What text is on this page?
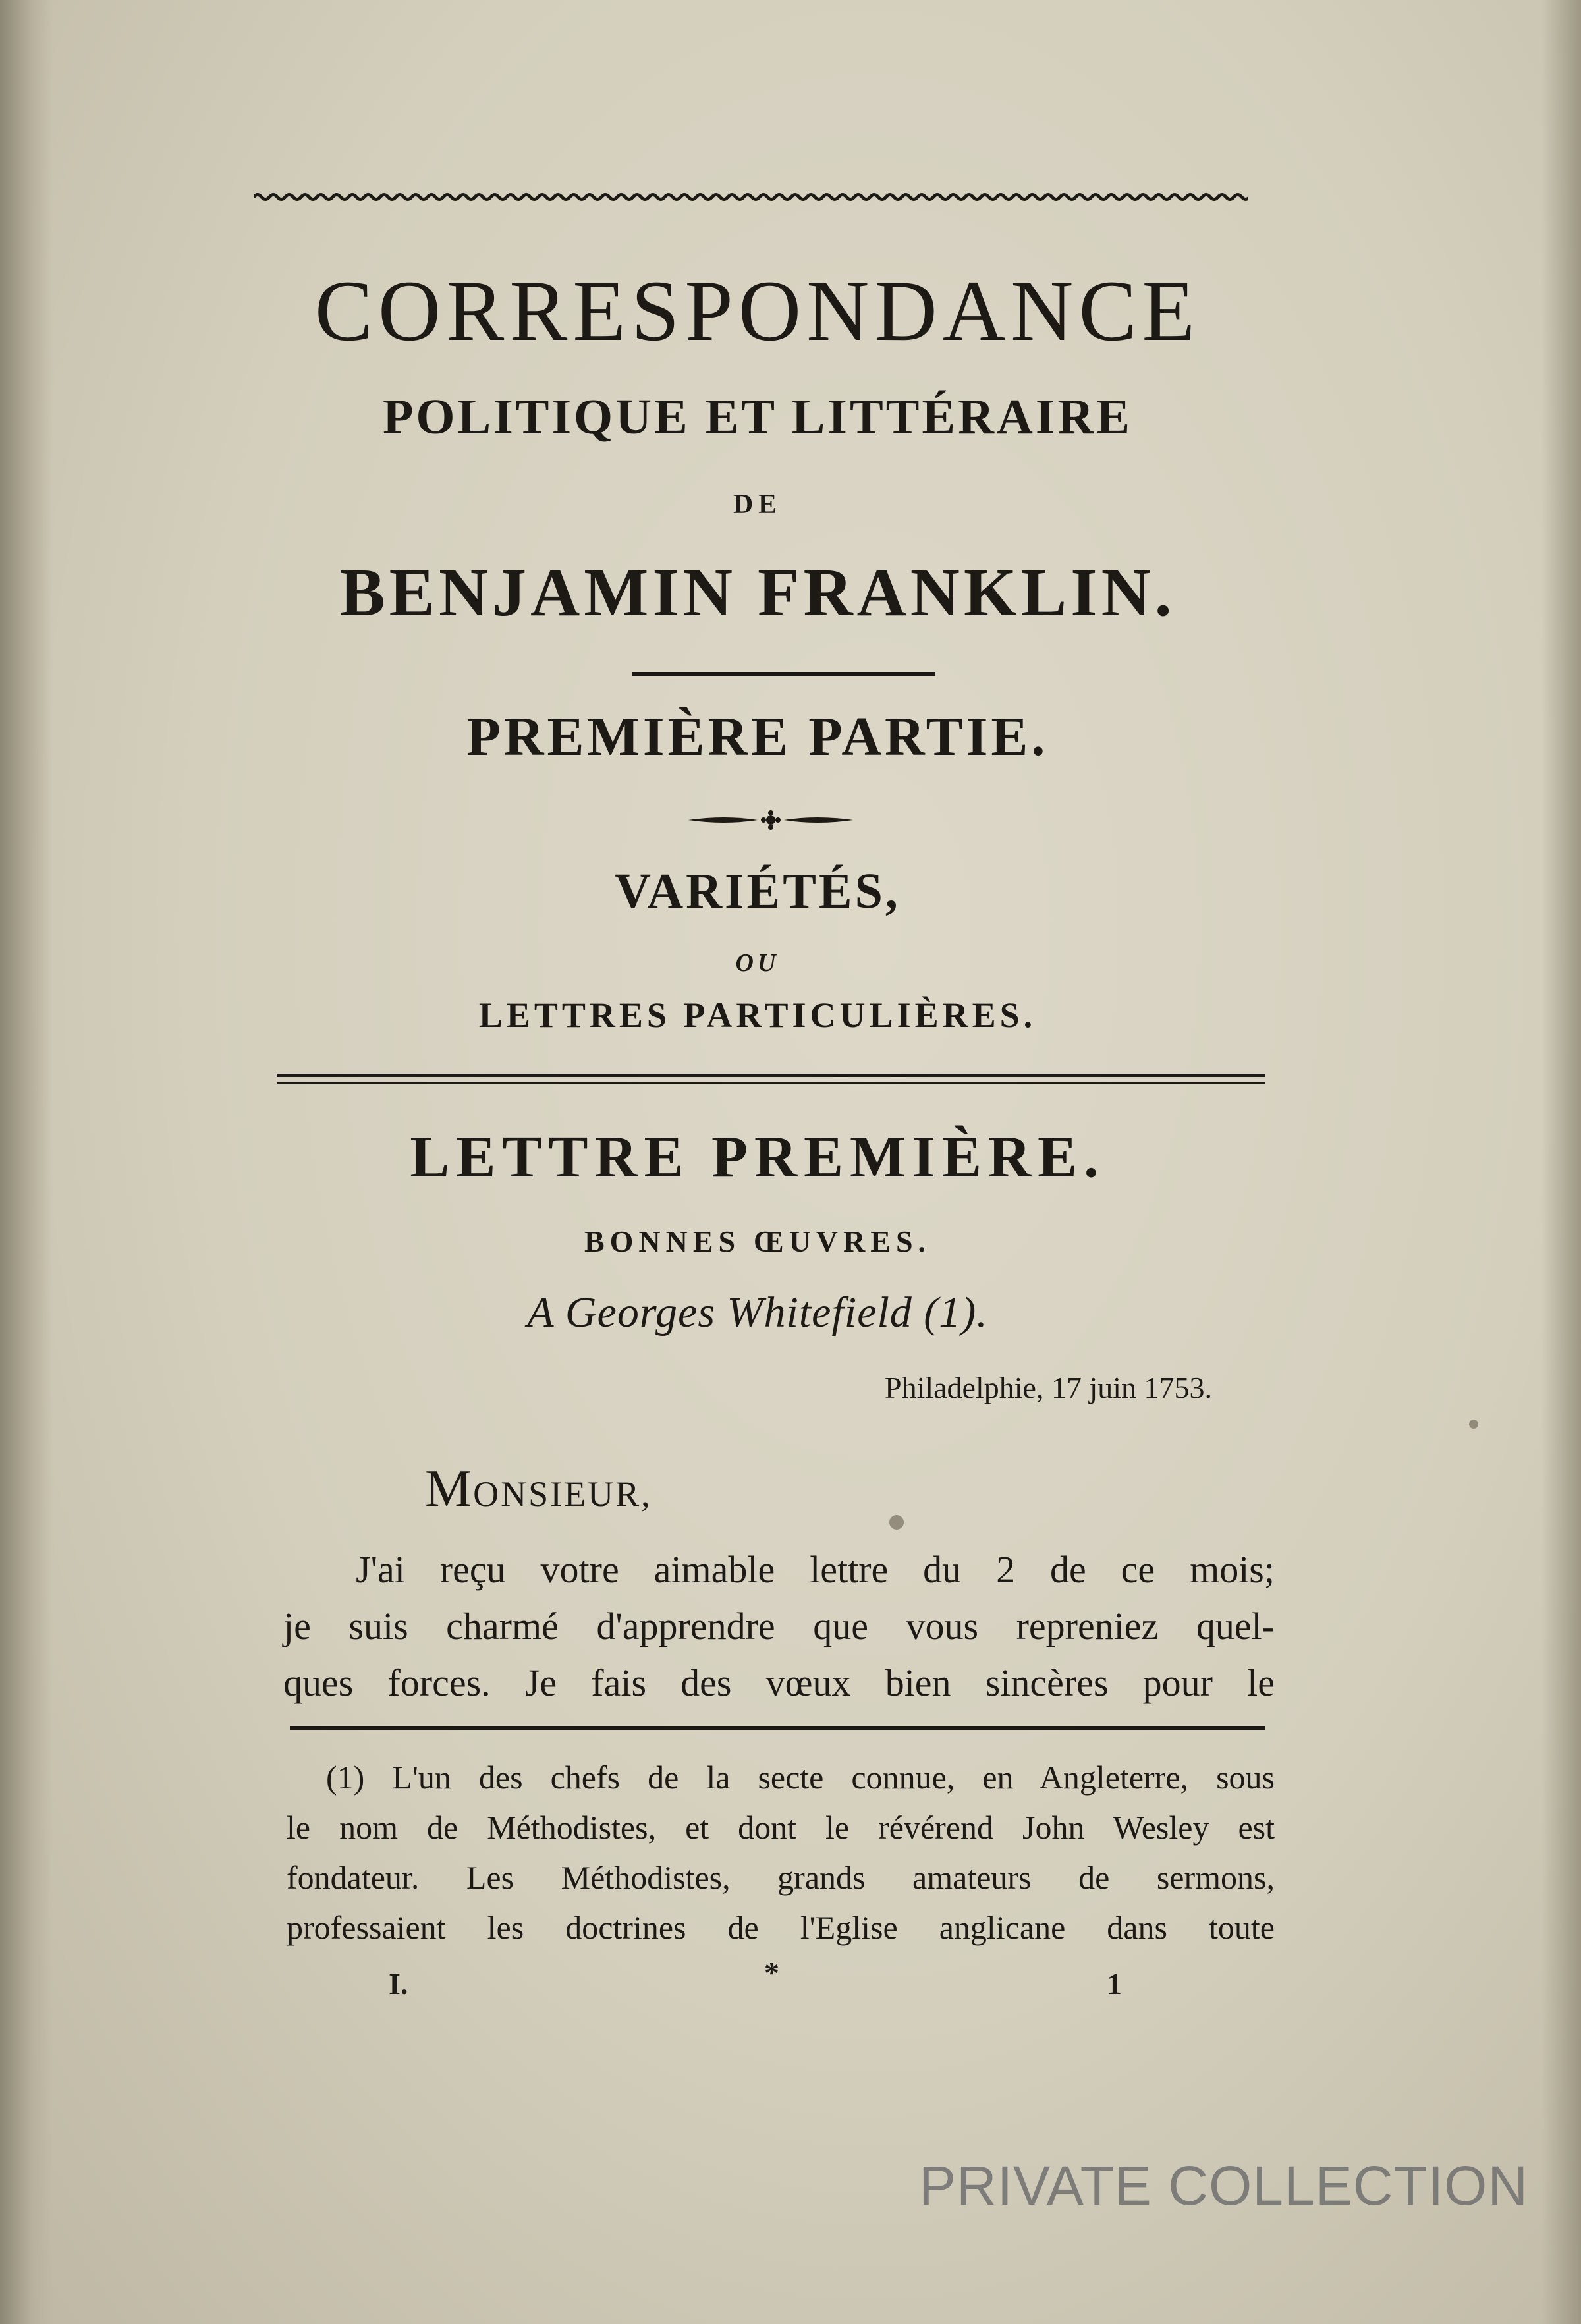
CORRESPONDANCE
POLITIQUE ET LITTÉRAIRE
DE
BENJAMIN FRANKLIN.
PREMIÈRE PARTIE.
VARIÉTÉS,
OU
LETTRES PARTICULIÈRES.
LETTRE PREMIÈRE.
BONNES ŒUVRES.
A Georges Whitefield (1).
Philadelphie, 17 juin 1753.
MONSIEUR,
J'ai reçu votre aimable lettre du 2 de ce mois;
je suis charmé d'apprendre que vous repreniez quel-
ques forces. Je fais des vœux bien sincères pour le
(1) L'un des chefs de la secte connue, en Angleterre, sous
le nom de Méthodistes, et dont le révérend John Wesley est
fondateur. Les Méthodistes, grands amateurs de sermons,
professaient les doctrines de l'Eglise anglicane dans toute
I.	*	1
PRIVATE COLLECTION
